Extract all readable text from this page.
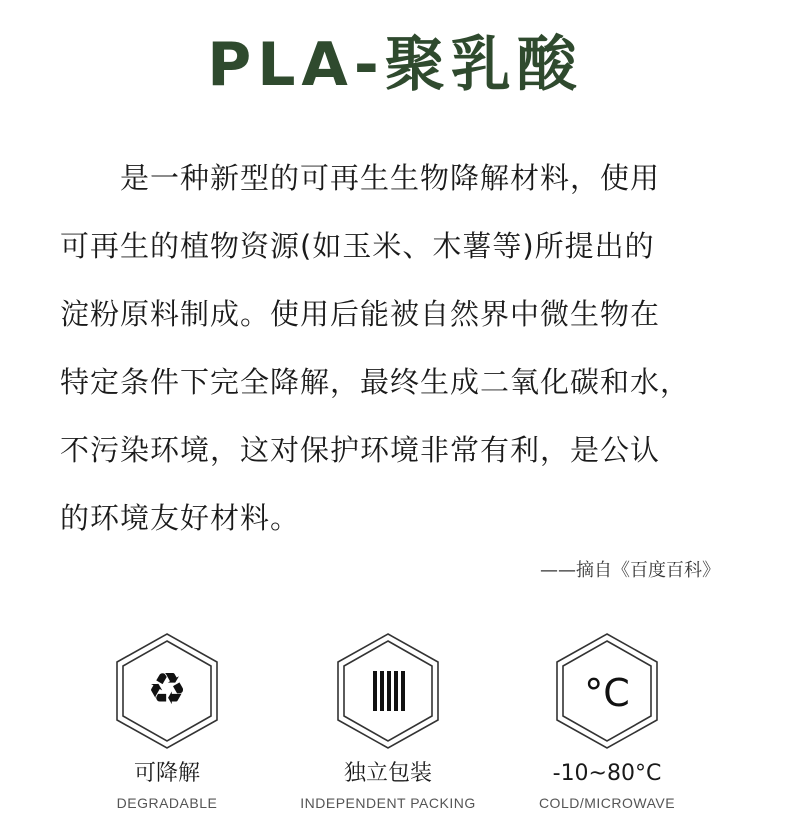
PLA-聚乳酸
是一种新型的可再生生物降解材料，使用
可再生的植物资源(如玉米、木薯等)所提出的
淀粉原料制成。使用后能被自然界中微生物在
特定条件下完全降解，最终生成二氧化碳和水，
不污染环境，这对保护环境非常有利，是公认
的环境友好材料。
——摘自《百度百科》
♻
可降解
DEGRADABLE
独立包装
INDEPENDENT PACKING
°C
-10~80°C
COLD/MICROWAVE
